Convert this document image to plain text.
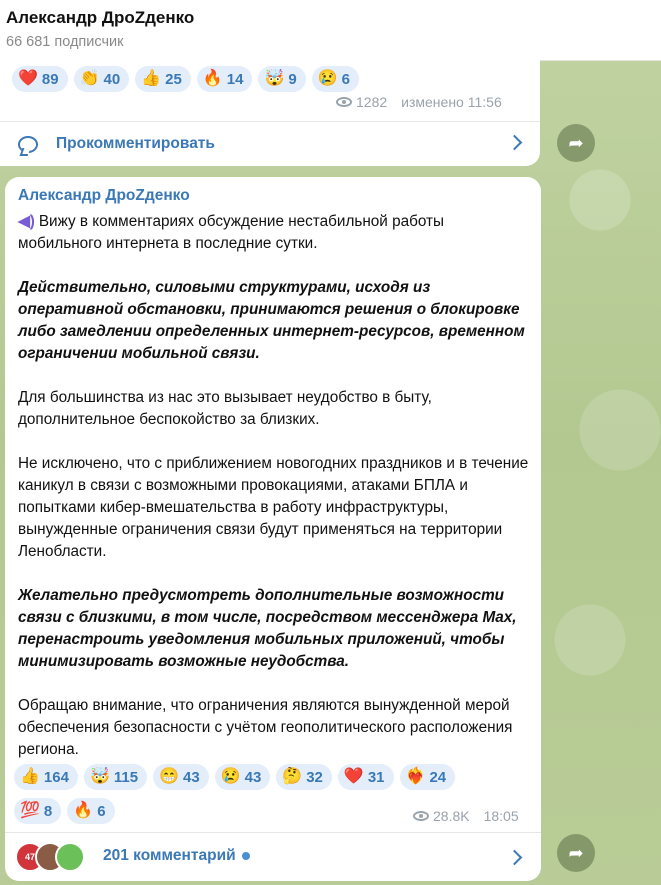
Александр ДроZденко
66 681 подписчик
❤️ 89 👏 40 👍 25 🔥 14 🤯 9 😢 6
1282 изменено 11:56
Прокомментировать	➦
Александр ДроZденко

◀) Вижу в комментариях обсуждение нестабильной работы мобильного интернета в последние сутки.

Действительно, силовыми структурами, исходя из оперативной обстановки, принимаются решения о блокировке либо замедлении определенных интернет-ресурсов, временном ограничении мобильной связи.

Для большинства из нас это вызывает неудобство в быту, дополнительное беспокойство за близких.

Не исключено, что с приближением новогодних праздников и в течение каникул в связи с возможными провокациями, атаками БПЛА и попытками кибер-вмешательства в работу инфраструктуры, вынужденные ограничения связи будут применяться на территории Ленобласти.

Желательно предусмотреть дополнительные возможности связи с близкими, в том числе, посредством мессенджера Max, перенастроить уведомления мобильных приложений, чтобы минимизировать возможные неудобства.

Обращаю внимание, что ограничения являются вынужденной мерой обеспечения безопасности с учётом геополитического расположения региона.

👍 164 🤯 115 😁 43 😢 43 🤔 32 ❤️ 31 ❤️‍🔥 24
💯 8 🔥 6	28.8K 18:05
47	201 комментарий	➦
